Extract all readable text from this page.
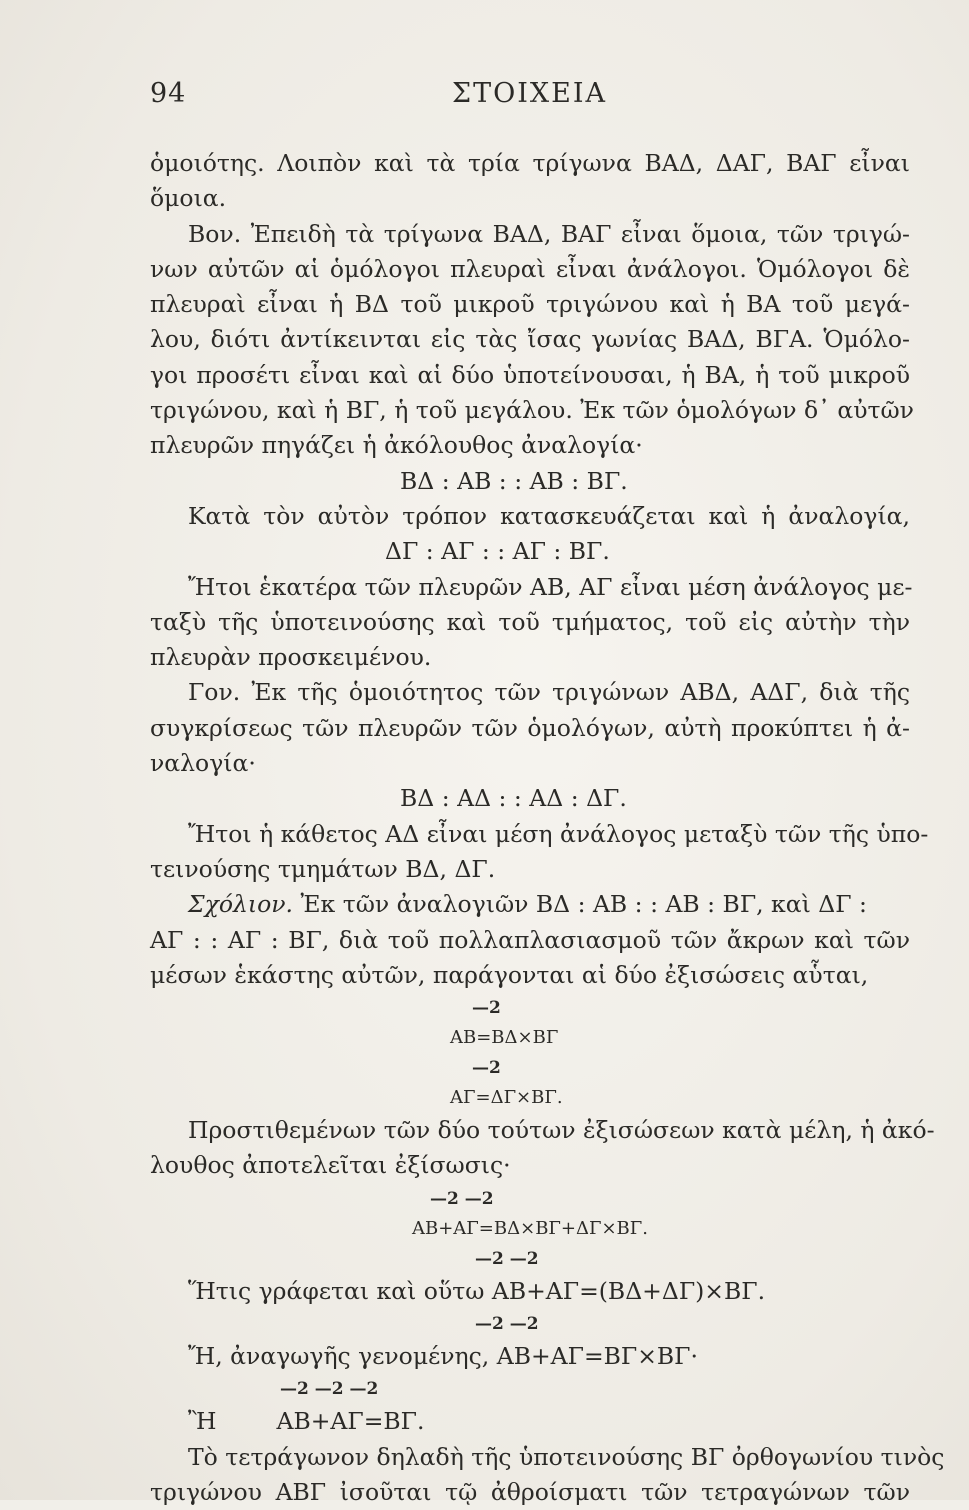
94	ΣΤΟΙΧΕΙΑ
ὁμοιότης. Λοιπὸν καὶ τὰ τρία τρίγωνα ΒΑΔ, ΔΑΓ, ΒΑΓ εἶναι
ὅμοια.
Βον. Ἐπειδὴ τὰ τρίγωνα ΒΑΔ, ΒΑΓ εἶναι ὅμοια, τῶν τριγώ-
νων αὐτῶν αἱ ὁμόλογοι πλευραὶ εἶναι ἀνάλογοι. Ὁμόλογοι δὲ
πλευραὶ εἶναι ἡ ΒΔ τοῦ μικροῦ τριγώνου καὶ ἡ ΒΑ τοῦ μεγά-
λου, διότι ἀντίκεινται εἰς τὰς ἴσας γωνίας ΒΑΔ, ΒΓΑ. Ὁμόλο-
γοι προσέτι εἶναι καὶ αἱ δύο ὑποτείνουσαι, ἡ ΒΑ, ἡ τοῦ μικροῦ
τριγώνου, καὶ ἡ ΒΓ, ἡ τοῦ μεγάλου. Ἐκ τῶν ὁμολόγων δ᾽ αὐτῶν
πλευρῶν πηγάζει ἡ ἀκόλουθος ἀναλογία·
ΒΔ : ΑΒ : : ΑΒ : ΒΓ.
Κατὰ τὸν αὐτὸν τρόπον κατασκευάζεται καὶ ἡ ἀναλογία,
ΔΓ : ΑΓ : : ΑΓ : ΒΓ.
Ἤτοι ἑκατέρα τῶν πλευρῶν ΑΒ, ΑΓ εἶναι μέση ἀνάλογος με-
ταξὺ τῆς ὑποτεινούσης καὶ τοῦ τμήματος, τοῦ εἰς αὐτὴν τὴν
πλευρὰν προσκειμένου.
Γον. Ἐκ τῆς ὁμοιότητος τῶν τριγώνων ΑΒΔ, ΑΔΓ, διὰ τῆς
συγκρίσεως τῶν πλευρῶν τῶν ὁμολόγων, αὐτὴ προκύπτει ἡ ἀ-
ναλογία·
ΒΔ : ΑΔ : : ΑΔ : ΔΓ.
Ἤτοι ἡ κάθετος ΑΔ εἶναι μέση ἀνάλογος μεταξὺ τῶν τῆς ὑπο-
τεινούσης τμημάτων ΒΔ, ΔΓ.
Σχόλιον. Ἐκ τῶν ἀναλογιῶν ΒΔ : ΑΒ : : ΑΒ : ΒΓ, καὶ ΔΓ :
ΑΓ : : ΑΓ : ΒΓ, διὰ τοῦ πολλαπλασιασμοῦ τῶν ἄκρων καὶ τῶν
μέσων ἑκάστης αὐτῶν, παράγονται αἱ δύο ἐξισώσεις αὗται,
—2
ΑΒ=ΒΔ×ΒΓ
—2
ΑΓ=ΔΓ×ΒΓ.
Προστιθεμένων τῶν δύο τούτων ἐξισώσεων κατὰ μέλη, ἡ ἀκό-
λουθος ἀποτελεῖται ἐξίσωσις·
—2 —2
ΑΒ+ΑΓ=ΒΔ×ΒΓ+ΔΓ×ΒΓ.
—2 —2
Ἥτις γράφεται καὶ οὕτω ΑΒ+ΑΓ=(ΒΔ+ΔΓ)×ΒΓ.
—2 —2
Ἤ, ἀναγωγῆς γενομένης, ΑΒ+ΑΓ=ΒΓ×ΒΓ·
—2 —2 —2
Ἢ	ΑΒ+ΑΓ=ΒΓ.
Τὸ τετράγωνον δηλαδὴ τῆς ὑποτεινούσης ΒΓ ὀρθογωνίου τινὸς
τριγώνου ΑΒΓ ἰσοῦται τῷ ἀθροίσματι τῶν τετραγώνων τῶν
